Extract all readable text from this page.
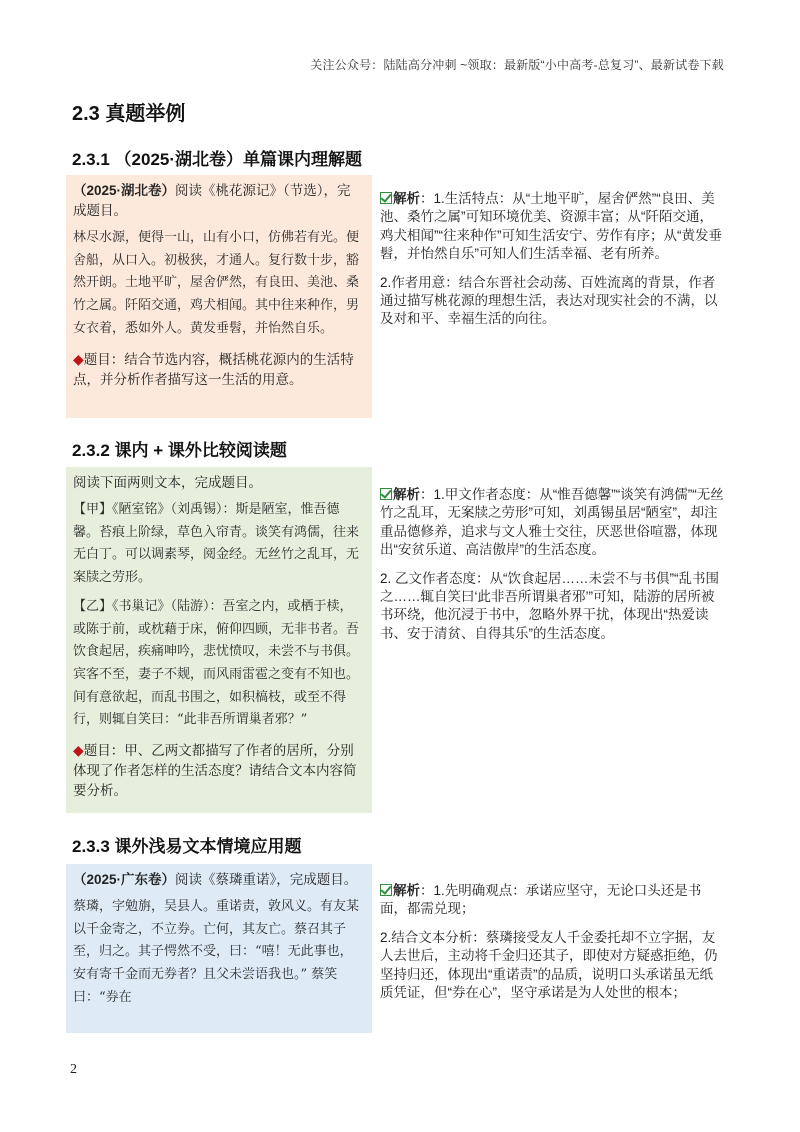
关注公众号：陆陆高分冲刺 ~领取：最新版“小中高考-总复习”、最新试卷下载
2.3 真题举例
2.3.1 （2025·湖北卷）单篇课内理解题

（2025·湖北卷）阅读《桃花源记》（节选），完成题目。

林尽水源，便得一山，山有小口，仿佛若有光。便舍船，从口入。初极狭，才通人。复行数十步，豁然开朗。土地平旷，屋舍俨然，有良田、美池、桑竹之属。阡陌交通，鸡犬相闻。其中往来种作，男女衣着，悉如外人。黄发垂髫，并怡然自乐。

◆题目：结合节选内容，概括桃花源内的生活特点，并分析作者描写这一生活的用意。

解析：1.生活特点：从“土地平旷，屋舍俨然”“良田、美池、桑竹之属”可知环境优美、资源丰富；从“阡陌交通，鸡犬相闻”“往来种作”可知生活安宁、劳作有序；从“黄发垂髫，并怡然自乐”可知人们生活幸福、老有所养。

2.作者用意：结合东晋社会动荡、百姓流离的背景，作者通过描写桃花源的理想生活，表达对现实社会的不满，以及对和平、幸福生活的向往。

2.3.2 课内 + 课外比较阅读题

阅读下面两则文本，完成题目。

【甲】《陋室铭》（刘禹锡）：斯是陋室，惟吾德馨。苔痕上阶绿，草色入帘青。谈笑有鸿儒，往来无白丁。可以调素琴，阅金经。无丝竹之乱耳，无案牍之劳形。

【乙】《书巢记》（陆游）：吾室之内，或栖于椟，或陈于前，或枕藉于床，俯仰四顾，无非书者。吾饮食起居，疾痛呻吟，悲忧愤叹，未尝不与书俱。宾客不至，妻子不觌，而风雨雷雹之变有不知也。间有意欲起，而乱书围之，如积槁枝，或至不得行，则辄自笑曰：“此非吾所谓巢者邪？”

◆题目：甲、乙两文都描写了作者的居所，分别体现了作者怎样的生活态度？请结合文本内容简要分析。

解析：1.甲文作者态度：从“惟吾德馨”“谈笑有鸿儒”“无丝竹之乱耳，无案牍之劳形”可知，刘禹锡虽居“陋室”，却注重品德修养，追求与文人雅士交往，厌恶世俗喧嚣，体现出“安贫乐道、高洁傲岸”的生活态度。

2. 乙文作者态度：从“饮食起居……未尝不与书俱”“乱书围之……辄自笑曰‘此非吾所谓巢者邪’”可知，陆游的居所被书环绕，他沉浸于书中，忽略外界干扰，体现出“热爱读书、安于清贫、自得其乐”的生活态度。

2.3.3 课外浅易文本情境应用题

（2025·广东卷）阅读《蔡璘重诺》，完成题目。

蔡璘，字勉旃，吴县人。重诺责，敦风义。有友某以千金寄之，不立券。亡何，其友亡。蔡召其子至，归之。其子愕然不受，曰：“嘻！无此事也，安有寄千金而无券者？且父未尝语我也。” 蔡笑曰：“券在

解析：1.先明确观点：承诺应坚守，无论口头还是书面，都需兑现；

2.结合文本分析：蔡璘接受友人千金委托却不立字据，友人去世后，主动将千金归还其子，即使对方疑惑拒绝，仍坚持归还，体现出“重诺责”的品质，说明口头承诺虽无纸质凭证，但“券在心”，坚守承诺是为人处世的根本；

2
